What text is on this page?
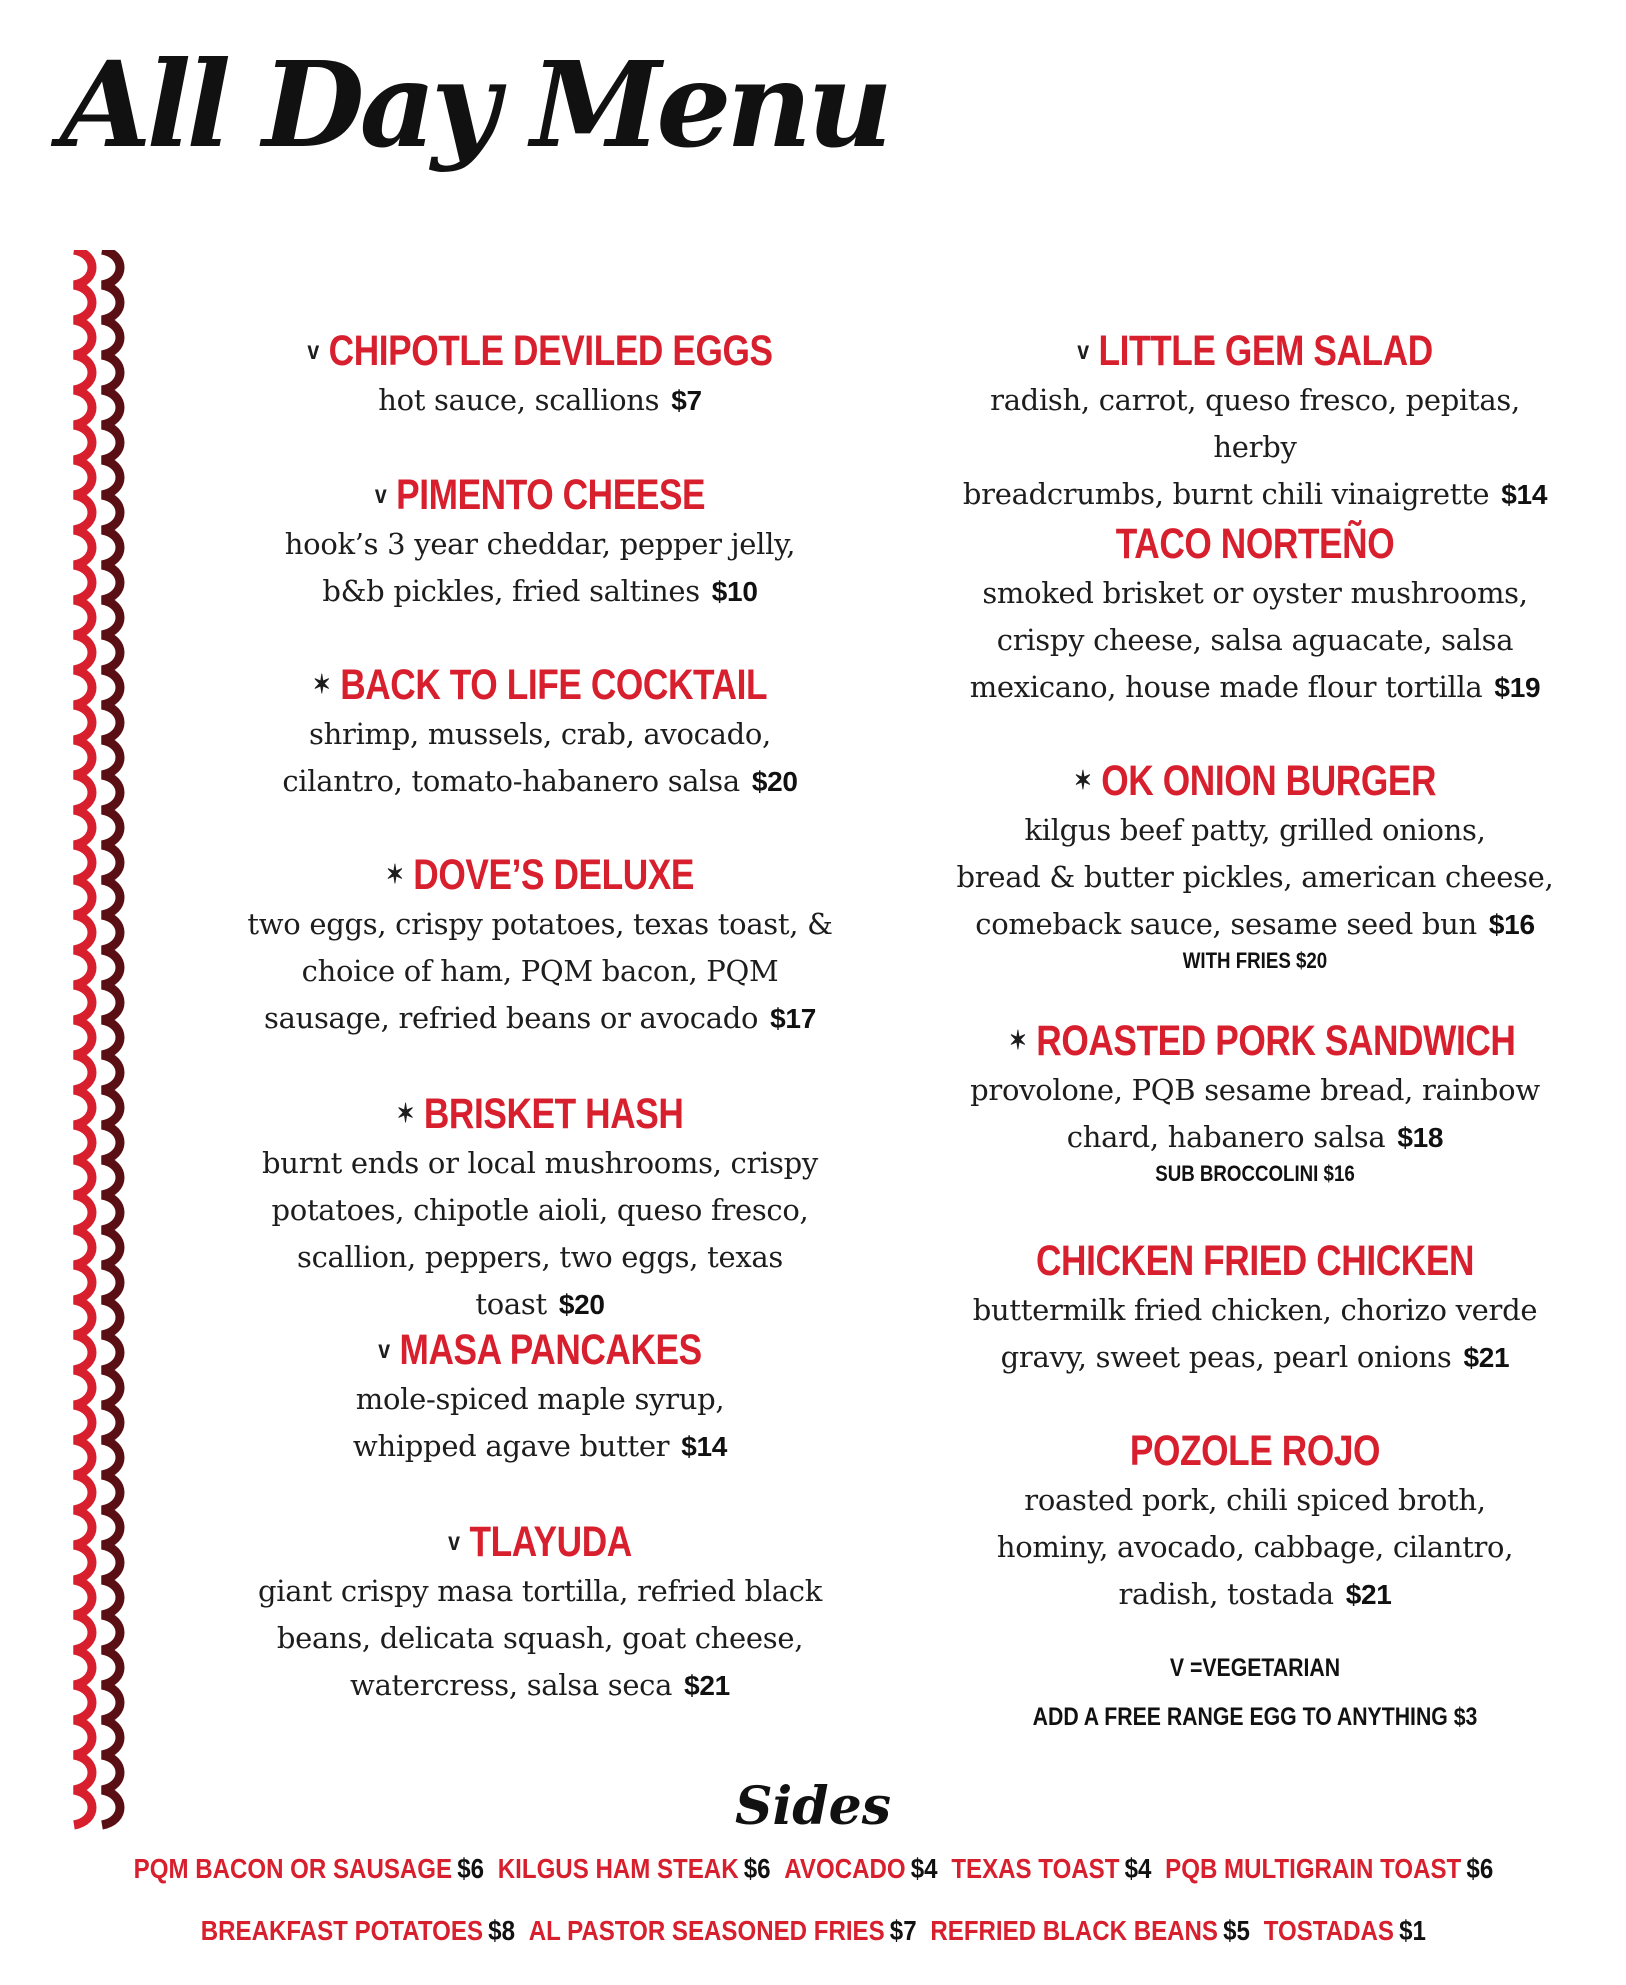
All Day Menu
v CHIPOTLE DEVILED EGGS
hot sauce, scallions $7
v PIMENTO CHEESE
hook’s 3 year cheddar, pepper jelly,
b&b pickles, fried saltines $10
✶ BACK TO LIFE COCKTAIL
shrimp, mussels, crab, avocado,
cilantro, tomato-habanero salsa $20
✶ DOVE’S DELUXE
two eggs, crispy potatoes, texas toast, &
choice of ham, PQM bacon, PQM
sausage, refried beans or avocado $17
✶ BRISKET HASH
burnt ends or local mushrooms, crispy
potatoes, chipotle aioli, queso fresco,
scallion, peppers, two eggs, texas toast $20
v MASA PANCAKES
mole-spiced maple syrup,
whipped agave butter $14
v TLAYUDA
giant crispy masa tortilla, refried black
beans, delicata squash, goat cheese,
watercress, salsa seca $21
V =VEGETARIAN
ADD A FREE RANGE EGG TO ANYTHING $3
v LITTLE GEM SALAD
radish, carrot, queso fresco, pepitas, herby
breadcrumbs, burnt chili vinaigrette $14
TACO NORTEÑO
smoked brisket or oyster mushrooms,
crispy cheese, salsa aguacate, salsa
mexicano, house made flour tortilla $19
✶ OK ONION BURGER
kilgus beef patty, grilled onions,
bread & butter pickles, american cheese,
comeback sauce, sesame seed bun $16
WITH FRIES $20
✶ ROASTED PORK SANDWICH
provolone, PQB sesame bread, rainbow
chard, habanero salsa $18
SUB BROCCOLINI $16
CHICKEN FRIED CHICKEN
buttermilk fried chicken, chorizo verde
gravy, sweet peas, pearl onions $21
POZOLE ROJO
roasted pork, chili spiced broth,
hominy, avocado, cabbage, cilantro,
radish, tostada $21
Sides
PQM BACON OR SAUSAGE $6 KILGUS HAM STEAK $6 AVOCADO $4 TEXAS TOAST $4 PQB MULTIGRAIN TOAST $6
BREAKFAST POTATOES $8 AL PASTOR SEASONED FRIES $7 REFRIED BLACK BEANS $5 TOSTADAS $1
